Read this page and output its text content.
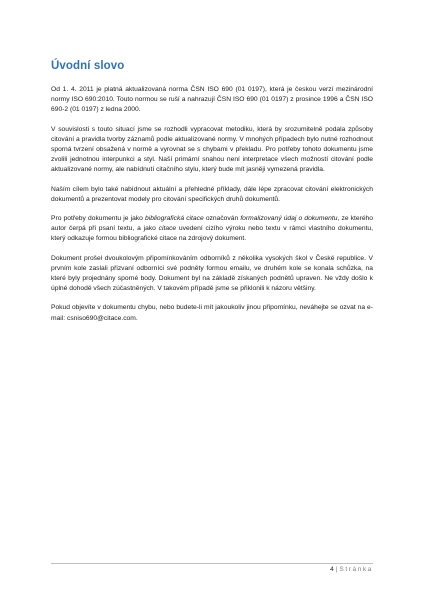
Úvodní slovo

Od 1. 4. 2011 je platná aktualizovaná norma ČSN ISO 690 (01 0197), která je českou verzí mezinárodní normy ISO 690:2010. Touto normou se ruší a nahrazují ČSN ISO 690 (01 0197) z prosince 1996 a ČSN ISO 690-2 (01 0197) z ledna 2000.

V souvislosti s touto situací jsme se rozhodli vypracovat metodiku, která by srozumitelně podala způsoby citování a pravidla tvorby záznamů podle aktualizované normy. V mnohých případech bylo nutné rozhodnout sporná tvrzení obsažená v normě a vyrovnat se s chybami v překladu. Pro potřeby tohoto dokumentu jsme zvolili jednotnou interpunkci a styl. Naší primární snahou není interpretace všech možností citování podle aktualizované normy, ale nabídnutí citačního stylu, který bude mít jasněji vymezená pravidla.

Naším cílem bylo také nabídnout aktuální a přehledné příklady, dále lépe zpracovat citování elektronických dokumentů a prezentovat modely pro citování specifických druhů dokumentů.

Pro potřeby dokumentu je jako bibliografická citace označován formalizovaný údaj o dokumentu, ze kterého autor čerpá při psaní textu, a jako citace uvedení cizího výroku nebo textu v rámci vlastního dokumentu, který odkazuje formou bibliografické citace na zdrojový dokument.

Dokument prošel dvoukolovým připomínkováním odborníků z několika vysokých škol v České republice. V prvním kole zaslali přizvaní odborníci své podněty formou emailu, ve druhém kole se konala schůzka, na které byly projednány sporné body. Dokument byl na základě získaných podnětů upraven. Ne vždy došlo k úplné dohodě všech zúčastněných. V takovém případě jsme se přiklonili k názoru většiny.

Pokud objevíte v dokumentu chybu, nebo budete-li mít jakoukoliv jinou připomínku, neváhejte se ozvat na e-mail: csniso690@citace.com.

4 | Stránka
